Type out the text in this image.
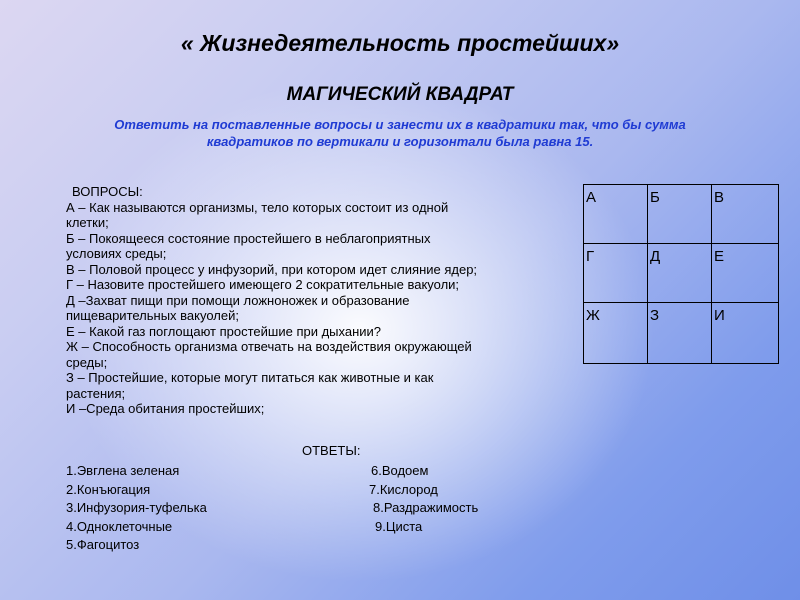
« Жизнедеятельность простейших»
МАГИЧЕСКИЙ КВАДРАТ
Ответить на поставленные вопросы и занести их в квадратики так, что бы сумма
квадратиков по вертикали и горизонтали была равна 15.
ВОПРОСЫ:
А – Как называются организмы, тело которых состоит из одной
клетки;
Б – Покоящееся состояние простейшего в неблагоприятных
условиях среды;
В – Половой процесс у инфузорий, при котором идет слияние ядер;
Г – Назовите простейшего имеющего 2 сократительные вакуоли;
Д –Захват пищи при помощи ложноножек и образование
пищеварительных вакуолей;
Е – Какой газ поглощают простейшие при дыхании?
Ж – Способность организма отвечать на воздействия окружающей
среды;
З – Простейшие, которые могут питаться как животные и как
растения;
И –Среда обитания простейших;
ОТВЕТЫ:
1.Эвглена зеленая	6.Водоем
2.Конъюгация	7.Кислород
3.Инфузория-туфелька	8.Раздражимость
4.Одноклеточные	9.Циста
5.Фагоцитоз
А	Б	В
Г	Д	Е
Ж	З	И
